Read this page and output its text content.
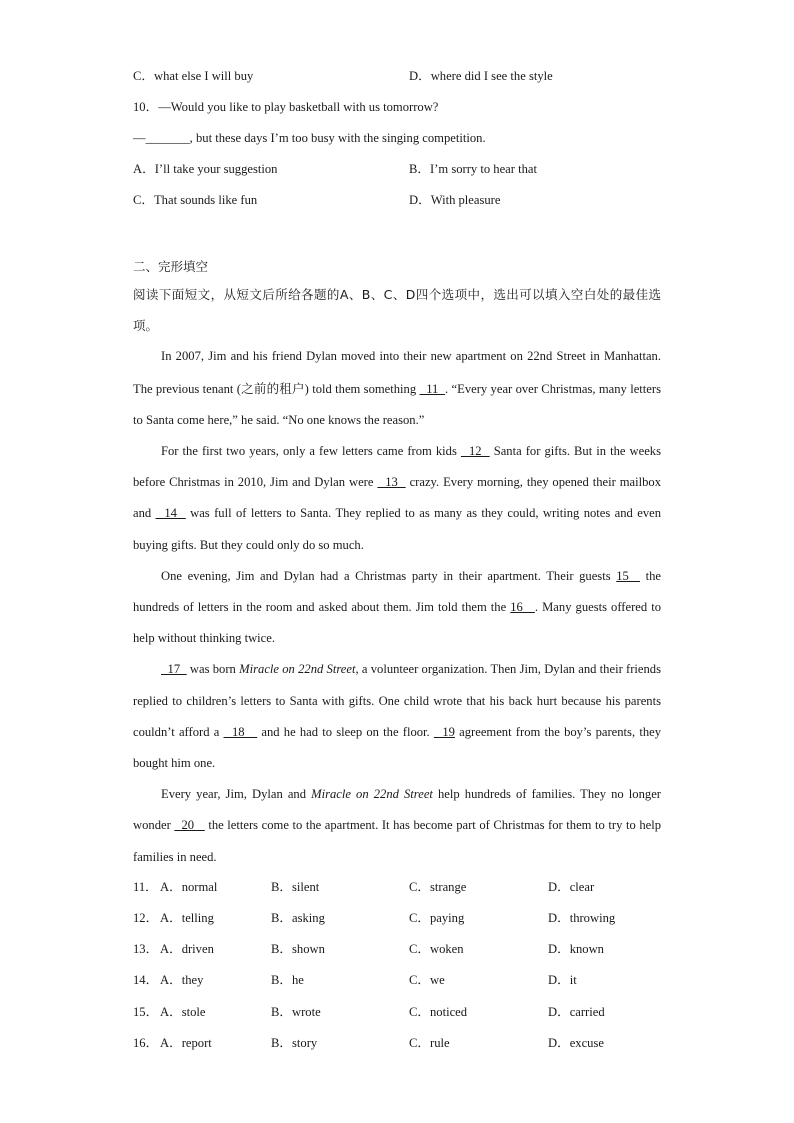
C．what else I will buy	D．where did I see the style
10．—Would you like to play basketball with us tomorrow?
—_______, but these days I’m too busy with the singing competition.
A．I’ll take your suggestion	B．I’m sorry to hear that
C．That sounds like fun	D．With pleasure
二、完形填空

阅读下面短文，从短文后所给各题的A、B、C、D四个选项中，选出可以填入空白处的最佳选项。

In 2007, Jim and his friend Dylan moved into their new apartment on 22nd Street in Manhattan. The previous tenant (之前的租户) told them something   11  . “Every year over Christmas, many letters to Santa come here,” he said. “No one knows the reason.”

For the first two years, only a few letters came from kids   12   Santa for gifts. But in the weeks before Christmas in 2010, Jim and Dylan were   13   crazy. Every morning, they opened their mailbox and   14   was full of letters to Santa. They replied to as many as they could, writing notes and even buying gifts. But they could only do so much.

One evening, Jim and Dylan had a Christmas party in their apartment. Their guests 15   the hundreds of letters in the room and asked about them. Jim told them the 16   . Many guests offered to help without thinking twice.

17   was born Miracle on 22nd Street, a volunteer organization. Then Jim, Dylan and their friends replied to children’s letters to Santa with gifts. One child wrote that his back hurt because his parents couldn’t afford a   18    and he had to sleep on the floor.   19 agreement from the boy’s parents, they bought him one.

Every year, Jim, Dylan and Miracle on 22nd Street help hundreds of families. They no longer wonder   20    the letters come to the apartment. It has become part of Christmas for them to try to help families in need.

11． A．normal	B．silent	C．strange	D．clear
12． A．telling	B．asking	C．paying	D．throwing
13． A．driven	B．shown	C．woken	D．known
14． A．they	B．he	C．we	D．it
15． A．stole	B．wrote	C．noticed	D．carried
16． A．report	B．story	C．rule	D．excuse
